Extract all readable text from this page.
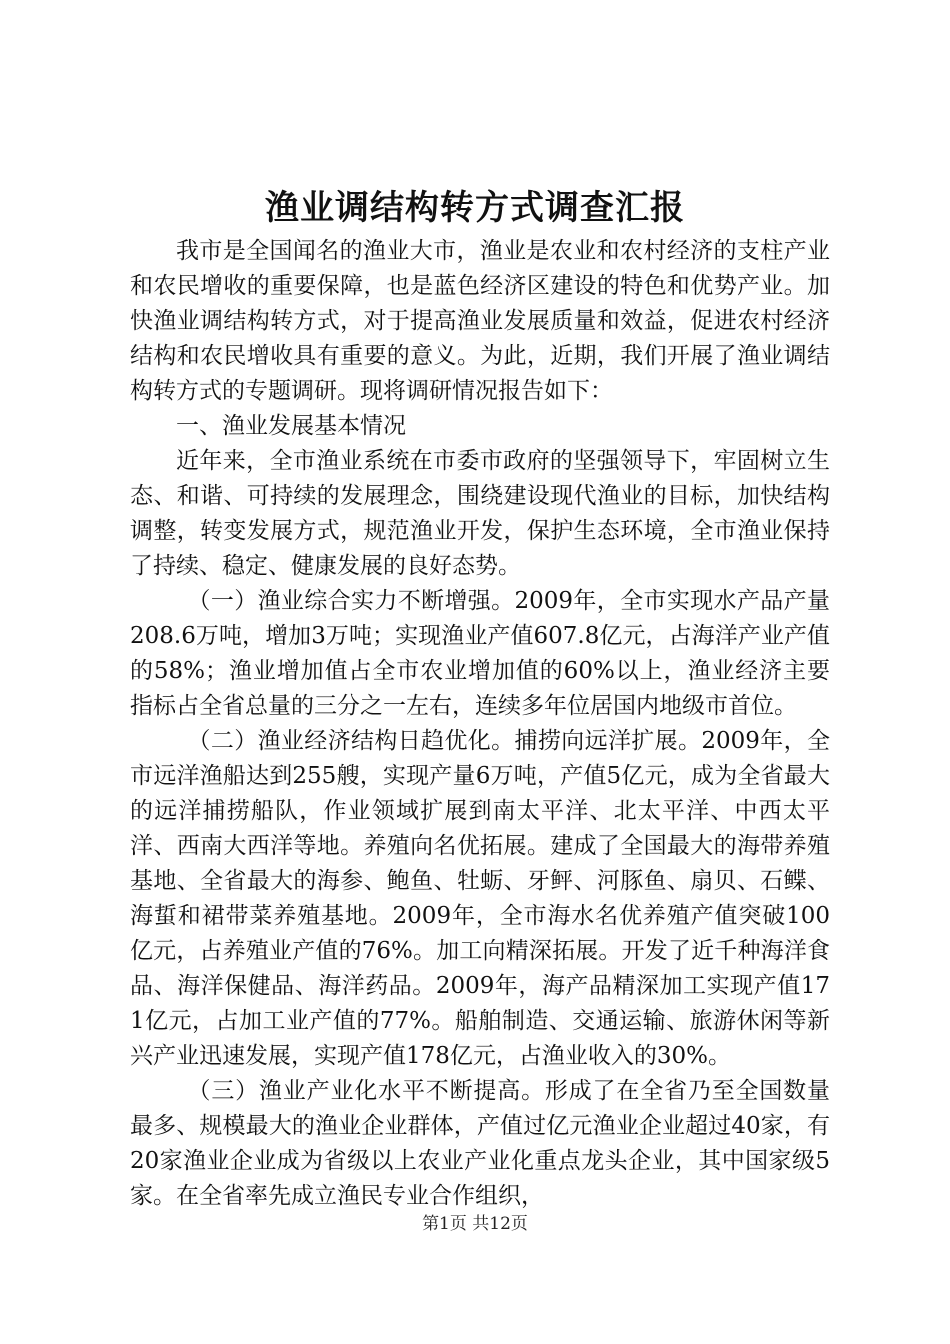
渔业调结构转方式调查汇报

我市是全国闻名的渔业大市，渔业是农业和农村经济的支柱产业和农民增收的重要保障，也是蓝色经济区建设的特色和优势产业。加快渔业调结构转方式，对于提高渔业发展质量和效益，促进农村经济结构和农民增收具有重要的意义。为此，近期，我们开展了渔业调结构转方式的专题调研。现将调研情况报告如下：

一、渔业发展基本情况

近年来，全市渔业系统在市委市政府的坚强领导下，牢固树立生态、和谐、可持续的发展理念，围绕建设现代渔业的目标，加快结构调整，转变发展方式，规范渔业开发，保护生态环境，全市渔业保持了持续、稳定、健康发展的良好态势。

（一）渔业综合实力不断增强。2009年，全市实现水产品产量208.6万吨，增加3万吨；实现渔业产值607.8亿元，占海洋产业产值的58%；渔业增加值占全市农业增加值的60%以上，渔业经济主要指标占全省总量的三分之一左右，连续多年位居国内地级市首位。

（二）渔业经济结构日趋优化。捕捞向远洋扩展。2009年，全市远洋渔船达到255艘，实现产量6万吨，产值5亿元，成为全省最大的远洋捕捞船队，作业领域扩展到南太平洋、北太平洋、中西太平洋、西南大西洋等地。养殖向名优拓展。建成了全国最大的海带养殖基地、全省最大的海参、鲍鱼、牡蛎、牙鲆、河豚鱼、扇贝、石鲽、海蜇和裙带菜养殖基地。2009年，全市海水名优养殖产值突破100亿元，占养殖业产值的76%。加工向精深拓展。开发了近千种海洋食品、海洋保健品、海洋药品。2009年，海产品精深加工实现产值171亿元，占加工业产值的77%。船舶制造、交通运输、旅游休闲等新兴产业迅速发展，实现产值178亿元，占渔业收入的30%。

（三）渔业产业化水平不断提高。形成了在全省乃至全国数量最多、规模最大的渔业企业群体，产值过亿元渔业企业超过40家，有20家渔业企业成为省级以上农业产业化重点龙头企业，其中国家级5家。在全省率先成立渔民专业合作组织，

第1页 共12页
